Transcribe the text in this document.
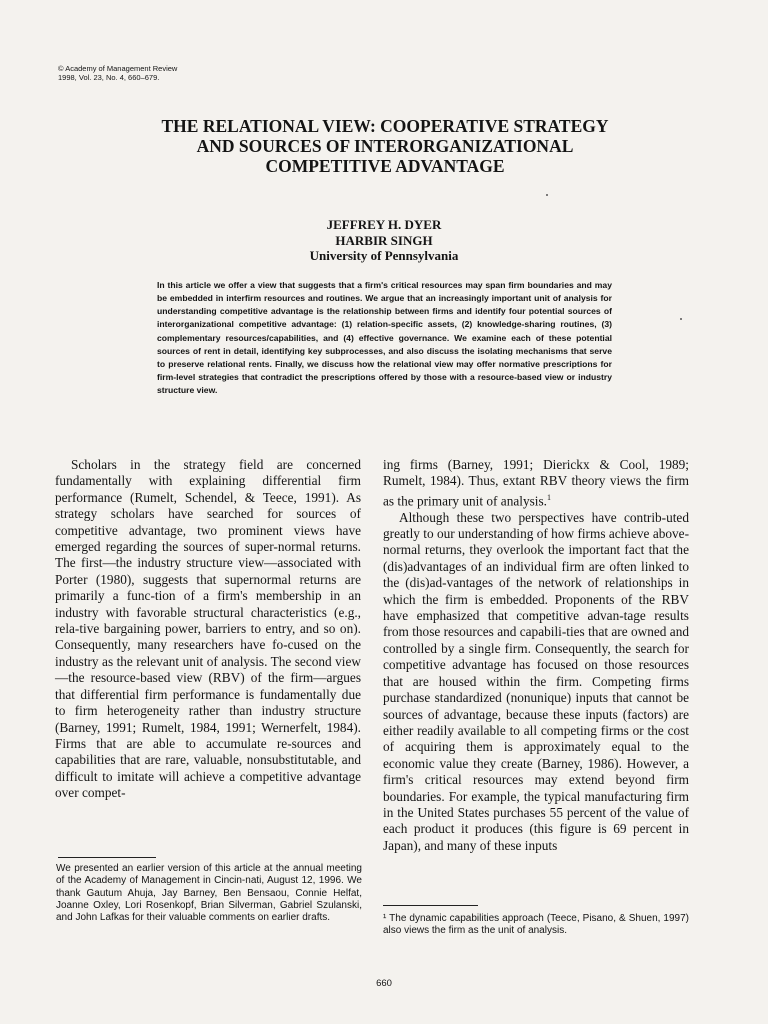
© Academy of Management Review
1998, Vol. 23, No. 4, 660–679.
THE RELATIONAL VIEW: COOPERATIVE STRATEGY AND SOURCES OF INTERORGANIZATIONAL COMPETITIVE ADVANTAGE
JEFFREY H. DYER
HARBIR SINGH
University of Pennsylvania
In this article we offer a view that suggests that a firm's critical resources may span firm boundaries and may be embedded in interfirm resources and routines. We argue that an increasingly important unit of analysis for understanding competitive advantage is the relationship between firms and identify four potential sources of interorganizational competitive advantage: (1) relation-specific assets, (2) knowledge-sharing routines, (3) complementary resources/capabilities, and (4) effective governance. We examine each of these potential sources of rent in detail, identifying key subprocesses, and also discuss the isolating mechanisms that serve to preserve relational rents. Finally, we discuss how the relational view may offer normative prescriptions for firm-level strategies that contradict the prescriptions offered by those with a resource-based view or industry structure view.

Scholars in the strategy field are concerned fundamentally with explaining differential firm performance (Rumelt, Schendel, & Teece, 1991). As strategy scholars have searched for sources of competitive advantage, two prominent views have emerged regarding the sources of super-normal returns. The first—the industry structure view—associated with Porter (1980), suggests that supernormal returns are primarily a func-tion of a firm's membership in an industry with favorable structural characteristics (e.g., rela-tive bargaining power, barriers to entry, and so on). Consequently, many researchers have fo-cused on the industry as the relevant unit of analysis. The second view—the resource-based view (RBV) of the firm—argues that differential firm performance is fundamentally due to firm heterogeneity rather than industry structure (Barney, 1991; Rumelt, 1984, 1991; Wernerfelt, 1984). Firms that are able to accumulate re-sources and capabilities that are rare, valuable, nonsubstitutable, and difficult to imitate will achieve a competitive advantage over compet-

ing firms (Barney, 1991; Dierickx & Cool, 1989; Rumelt, 1984). Thus, extant RBV theory views the firm as the primary unit of analysis.$^1$

Although these two perspectives have contrib-uted greatly to our understanding of how firms achieve above-normal returns, they overlook the important fact that the (dis)advantages of an individual firm are often linked to the (dis)ad-vantages of the network of relationships in which the firm is embedded. Proponents of the RBV have emphasized that competitive advan-tage results from those resources and capabili-ties that are owned and controlled by a single firm. Consequently, the search for competitive advantage has focused on those resources that are housed within the firm. Competing firms purchase standardized (nonunique) inputs that cannot be sources of advantage, because these inputs (factors) are either readily available to all competing firms or the cost of acquiring them is approximately equal to the economic value they create (Barney, 1986). However, a firm's critical resources may extend beyond firm boundaries. For example, the typical manufacturing firm in the United States purchases 55 percent of the value of each product it produces (this figure is 69 percent in Japan), and many of these inputs

We presented an earlier version of this article at the annual meeting of the Academy of Management in Cincin-nati, August 12, 1996. We thank Gautum Ahuja, Jay Barney, Ben Bensaou, Connie Helfat, Joanne Oxley, Lori Rosenkopf, Brian Silverman, Gabriel Szulanski, and John Lafkas for their valuable comments on earlier drafts.	¹ The dynamic capabilities approach (Teece, Pisano, & Shuen, 1997) also views the firm as the unit of analysis.
660
